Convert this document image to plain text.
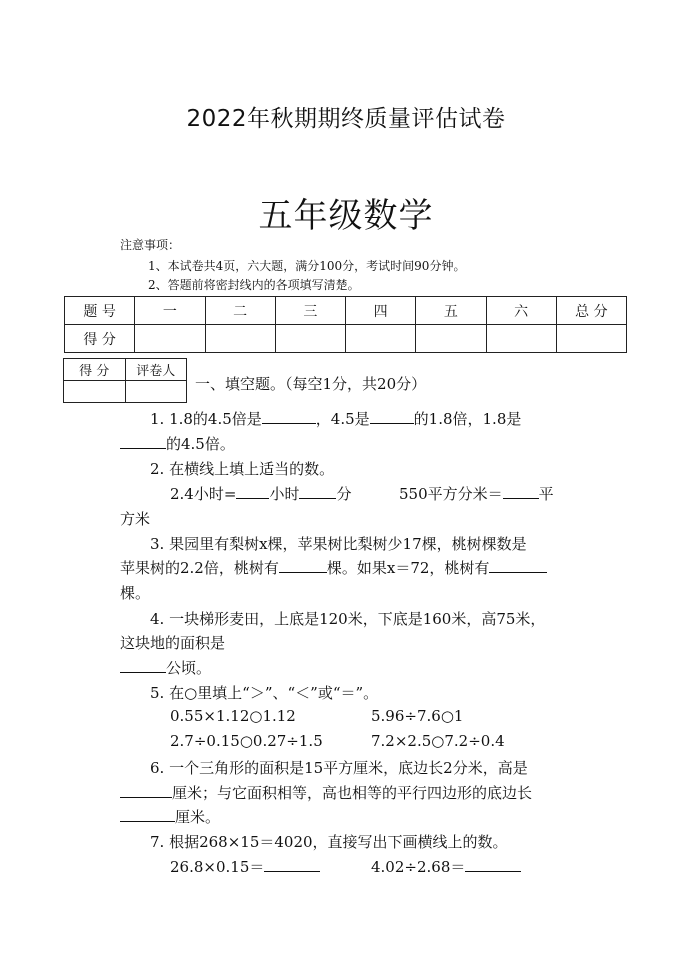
2022年秋期期终质量评估试卷
五年级数学
注意事项：
1、本试卷共4页，六大题，满分100分，考试时间90分钟。
2、答题前将密封线内的各项填写清楚。
题 号	一	二	三	四	五	六	总 分
得 分							
得 分	评卷人

一、填空题。（每空1分，共20分）
1. 1.8的4.5倍是	，4.5是	的1.8倍，1.8是
的4.5倍。
2. 在横线上填上适当的数。
2.4小时= 小时 分	550平方分米＝ 平
方米
3. 果园里有梨树x棵，苹果树比梨树少17棵，桃树棵数是
苹果树的2.2倍，桃树有	棵。如果x＝72，桃树有
棵。
4. 一块梯形麦田，上底是120米，下底是160米，高75米，
这块地的面积是
公顷。
5. 在○里填上“＞”、“＜”或“＝”。
0.55×1.12○1.12	5.96÷7.6○1
2.7÷0.15○0.27÷1.5	7.2×2.5○7.2÷0.4
6. 一个三角形的面积是15平方厘米，底边长2分米，高是
厘米；与它面积相等，高也相等的平行四边形的底边长
厘米。
7. 根据268×15＝4020，直接写出下画横线上的数。
26.8×0.15＝	4.02÷2.68＝
